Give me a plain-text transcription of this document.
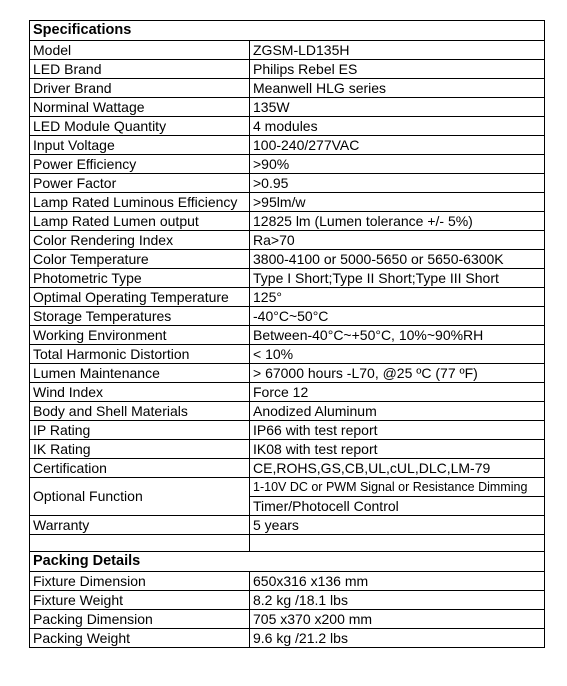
Specifications	
Model	ZGSM-LD135H
LED Brand	Philips Rebel ES
Driver Brand	Meanwell HLG series
Norminal Wattage	135W
LED Module Quantity	4 modules
Input Voltage	100-240/277VAC
Power Efficiency	>90%
Power Factor	>0.95
Lamp Rated Luminous Efficiency	>95lm/w
Lamp Rated Lumen output	12825 lm (Lumen tolerance +/- 5%)
Color Rendering Index	Ra>70
Color Temperature	3800-4100 or 5000-5650 or 5650-6300K
Photometric Type	Type I Short;Type II Short;Type III Short
Optimal Operating Temperature	125°
Storage Temperatures	-40°C~50°C
Working Environment	Between-40°C~+50°C, 10%~90%RH
Total Harmonic Distortion	< 10%
Lumen Maintenance	> 67000 hours -L70, @25 ºC (77 ºF)
Wind Index	Force 12
Body and Shell Materials	Anodized Aluminum
IP Rating	IP66 with test report
IK Rating	IK08 with test report
Certification	CE,ROHS,GS,CB,UL,cUL,DLC,LM-79
Optional Function	1-10V DC or PWM Signal or Resistance Dimming
	Timer/Photocell Control
Warranty	5 years

Packing Details	
Fixture Dimension	650x316 x136 mm
Fixture Weight	8.2 kg /18.1 lbs
Packing Dimension	705 x370 x200 mm
Packing Weight	9.6 kg /21.2 lbs
